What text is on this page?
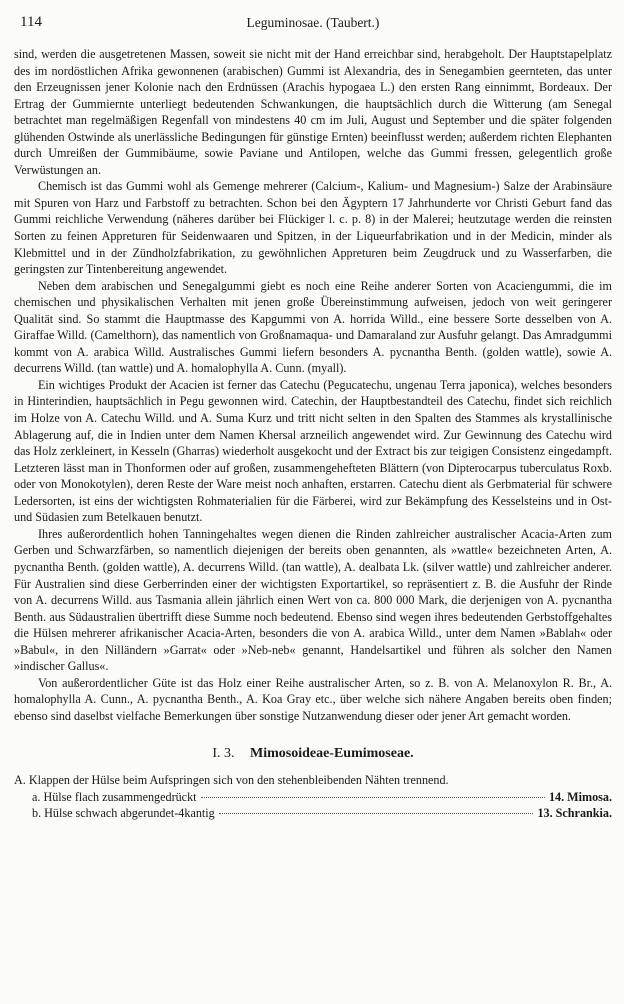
114	Leguminosae. (Taubert.)

sind, werden die ausgetretenen Massen, soweit sie nicht mit der Hand erreichbar sind, herabgeholt. Der Hauptstapelplatz des im nordöstlichen Afrika gewonnenen (arabischen) Gummi ist Alexandria, des in Senegambien geernteten, das unter den Erzeugnissen jener Kolonie nach den Erdnüssen (Arachis hypogaea L.) den ersten Rang einnimmt, Bordeaux. Der Ertrag der Gummiernte unterliegt bedeutenden Schwankungen, die hauptsächlich durch die Witterung (am Senegal betrachtet man regelmäßigen Regenfall von mindestens 40 cm im Juli, August und September und die später folgenden glühenden Ostwinde als unerlässliche Bedingungen für günstige Ernten) beeinflusst werden; außerdem richten Elephanten durch Umreißen der Gummibäume, sowie Paviane und Antilopen, welche das Gummi fressen, gelegentlich große Verwüstungen an.

Chemisch ist das Gummi wohl als Gemenge mehrerer (Calcium-, Kalium- und Magnesium-) Salze der Arabinsäure mit Spuren von Harz und Farbstoff zu betrachten. Schon bei den Ägyptern 17 Jahrhunderte vor Christi Geburt fand das Gummi reichliche Verwendung (näheres darüber bei Flückiger l. c. p. 8) in der Malerei; heutzutage werden die reinsten Sorten zu feinen Appreturen für Seidenwaaren und Spitzen, in der Liqueurfabrikation und in der Medicin, minder als Klebmittel und in der Zündholzfabrikation, zu gewöhnlichen Appreturen beim Zeugdruck und zu Wasserfarben, die geringsten zur Tintenbereitung angewendet.

Neben dem arabischen und Senegalgummi giebt es noch eine Reihe anderer Sorten von Acaciengummi, die im chemischen und physikalischen Verhalten mit jenen große Übereinstimmung aufweisen, jedoch von weit geringerer Qualität sind. So stammt die Hauptmasse des Kapgummi von A. horrida Willd., eine bessere Sorte desselben von A. Giraffae Willd. (Camelthorn), das namentlich von Großnamaqua- und Damaraland zur Ausfuhr gelangt. Das Amradgummi kommt von A. arabica Willd. Australisches Gummi liefern besonders A. pycnantha Benth. (golden wattle), sowie A. decurrens Willd. (tan wattle) und A. homalophylla A. Cunn. (myall).

Ein wichtiges Produkt der Acacien ist ferner das Catechu (Pegucatechu, ungenau Terra japonica), welches besonders in Hinterindien, hauptsächlich in Pegu gewonnen wird. Catechin, der Hauptbestandteil des Catechu, findet sich reichlich im Holze von A. Catechu Willd. und A. Suma Kurz und tritt nicht selten in den Spalten des Stammes als krystallinische Ablagerung auf, die in Indien unter dem Namen Khersal arzneilich angewendet wird. Zur Gewinnung des Catechu wird das Holz zerkleinert, in Kesseln (Gharras) wiederholt ausgekocht und der Extract bis zur teigigen Consistenz eingedampft. Letzteren lässt man in Thonformen oder auf großen, zusammengehefteten Blättern (von Dipterocarpus tuberculatus Roxb. oder von Monokotylen), deren Reste der Ware meist noch anhaften, erstarren. Catechu dient als Gerbmaterial für schwere Ledersorten, ist eins der wichtigsten Rohmaterialien für die Färberei, wird zur Bekämpfung des Kesselsteins und in Ost- und Südasien zum Betelkauen benutzt.

Ihres außerordentlich hohen Tanningehaltes wegen dienen die Rinden zahlreicher australischer Acacia-Arten zum Gerben und Schwarzfärben, so namentlich diejenigen der bereits oben genannten, als »wattle« bezeichneten Arten, A. pycnantha Benth. (golden wattle), A. decurrens Willd. (tan wattle), A. dealbata Lk. (silver wattle) und zahlreicher anderer. Für Australien sind diese Gerberrinden einer der wichtigsten Exportartikel, so repräsentiert z. B. die Ausfuhr der Rinde von A. decurrens Willd. aus Tasmania allein jährlich einen Wert von ca. 800 000 Mark, die derjenigen von A. pycnantha Benth. aus Südaustralien übertrifft diese Summe noch bedeutend. Ebenso sind wegen ihres bedeutenden Gerbstoffgehaltes die Hülsen mehrerer afrikanischer Acacia-Arten, besonders die von A. arabica Willd., unter dem Namen »Bablah« oder »Babul«, in den Nilländern »Garrat« oder »Neb-neb« genannt, Handelsartikel und führen als solcher den Namen »indischer Gallus«.

Von außerordentlicher Güte ist das Holz einer Reihe australischer Arten, so z. B. von A. Melanoxylon R. Br., A. homalophylla A. Cunn., A. pycnantha Benth., A. Koa Gray etc., über welche sich nähere Angaben bereits oben finden; ebenso sind daselbst vielfache Bemerkungen über sonstige Nutzanwendung dieser oder jener Art gemacht worden.

I. 3. Mimosoideae-Eumimoseae.
A. Klappen der Hülse beim Aufspringen sich von den stehenbleibenden Nähten trennend.
a. Hülse flach zusammengedrückt	14. Mimosa.
b. Hülse schwach abgerundet-4kantig	13. Schrankia.
